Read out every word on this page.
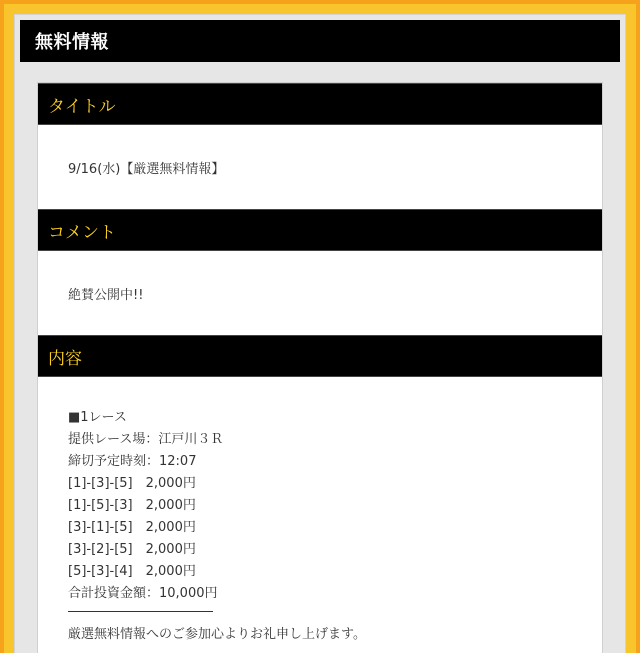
無料情報
タイトル
9/16(水)【厳選無料情報】
コメント
絶賛公開中!!
内容
■1レース
提供レース場：江戸川３Ｒ
締切予定時刻：12:07
[1]-[3]-[5]　2,000円
[1]-[5]-[3]　2,000円
[3]-[1]-[5]　2,000円
[3]-[2]-[5]　2,000円
[5]-[3]-[4]　2,000円
合計投資金額：10,000円
厳選無料情報へのご参加心よりお礼申し上げます。
